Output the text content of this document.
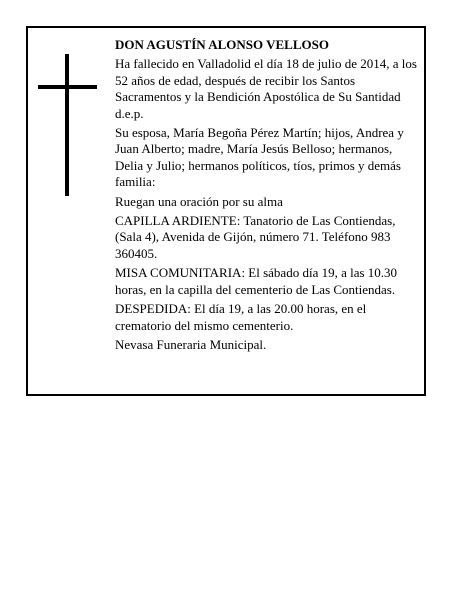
DON AGUSTÍN ALONSO VELLOSO

Ha fallecido en Valladolid el día 18 de julio de 2014, a los 52 años de edad, después de recibir los Santos Sacramentos y la Bendición Apostólica de Su Santidad d.e.p.

Su esposa, María Begoña Pérez Martín; hijos, Andrea y Juan Alberto; madre, María Jesús Belloso; hermanos, Delia y Julio; hermanos políticos, tíos, primos y demás familia:

Ruegan una oración por su alma

CAPILLA ARDIENTE: Tanatorio de Las Contiendas, (Sala 4), Avenida de Gijón, número 71. Teléfono 983 360405.

MISA COMUNITARIA: El sábado día 19, a las 10.30 horas, en la capilla del cementerio de Las Contiendas.

DESPEDIDA: El día 19, a las 20.00 horas, en el crematorio del mismo cementerio.

Nevasa Funeraria Municipal.
